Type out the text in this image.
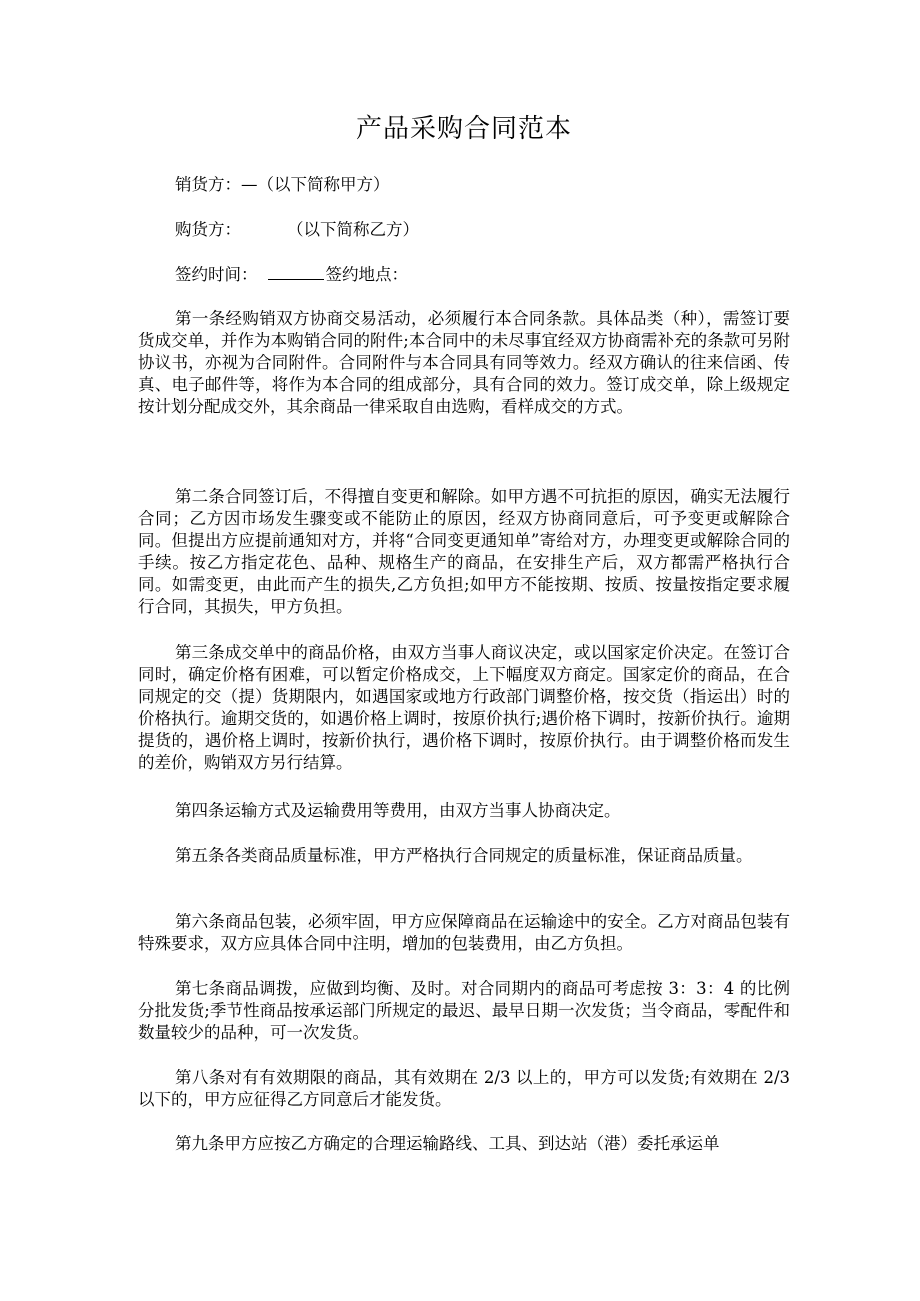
产品采购合同范本

销货方：—（以下简称甲方）

购货方：	（以下简称乙方）

签约时间：	签约地点：

第一条经购销双方协商交易活动，必须履行本合同条款。具体品类（种），需签订要货成交单，并作为本购销合同的附件;本合同中的未尽事宜经双方协商需补充的条款可另附协议书，亦视为合同附件。合同附件与本合同具有同等效力。经双方确认的往来信函、传真、电子邮件等，将作为本合同的组成部分，具有合同的效力。签订成交单，除上级规定按计划分配成交外，其余商品一律采取自由选购，看样成交的方式。

第二条合同签订后，不得擅自变更和解除。如甲方遇不可抗拒的原因，确实无法履行合同；乙方因市场发生骤变或不能防止的原因，经双方协商同意后，可予变更或解除合同。但提出方应提前通知对方，并将“合同变更通知单”寄给对方，办理变更或解除合同的手续。按乙方指定花色、品种、规格生产的商品，在安排生产后，双方都需严格执行合同。如需变更，由此而产生的损失,乙方负担;如甲方不能按期、按质、按量按指定要求履行合同，其损失，甲方负担。

第三条成交单中的商品价格，由双方当事人商议决定，或以国家定价决定。在签订合同时，确定价格有困难，可以暂定价格成交，上下幅度双方商定。国家定价的商品，在合同规定的交（提）货期限内，如遇国家或地方行政部门调整价格，按交货（指运出）时的价格执行。逾期交货的，如遇价格上调时，按原价执行;遇价格下调时，按新价执行。逾期提货的，遇价格上调时，按新价执行，遇价格下调时，按原价执行。由于调整价格而发生的差价，购销双方另行结算。

第四条运输方式及运输费用等费用，由双方当事人协商决定。

第五条各类商品质量标准，甲方严格执行合同规定的质量标准，保证商品质量。

第六条商品包装，必须牢固，甲方应保障商品在运输途中的安全。乙方对商品包装有特殊要求，双方应具体合同中注明，增加的包装费用，由乙方负担。

第七条商品调拨，应做到均衡、及时。对合同期内的商品可考虑按 3：3：4 的比例分批发货;季节性商品按承运部门所规定的最迟、最早日期一次发货；当令商品，零配件和数量较少的品种，可一次发货。

第八条对有有效期限的商品，其有效期在 2/3 以上的，甲方可以发货;有效期在 2/3 以下的，甲方应征得乙方同意后才能发货。

第九条甲方应按乙方确定的合理运输路线、工具、到达站（港）委托承运单
